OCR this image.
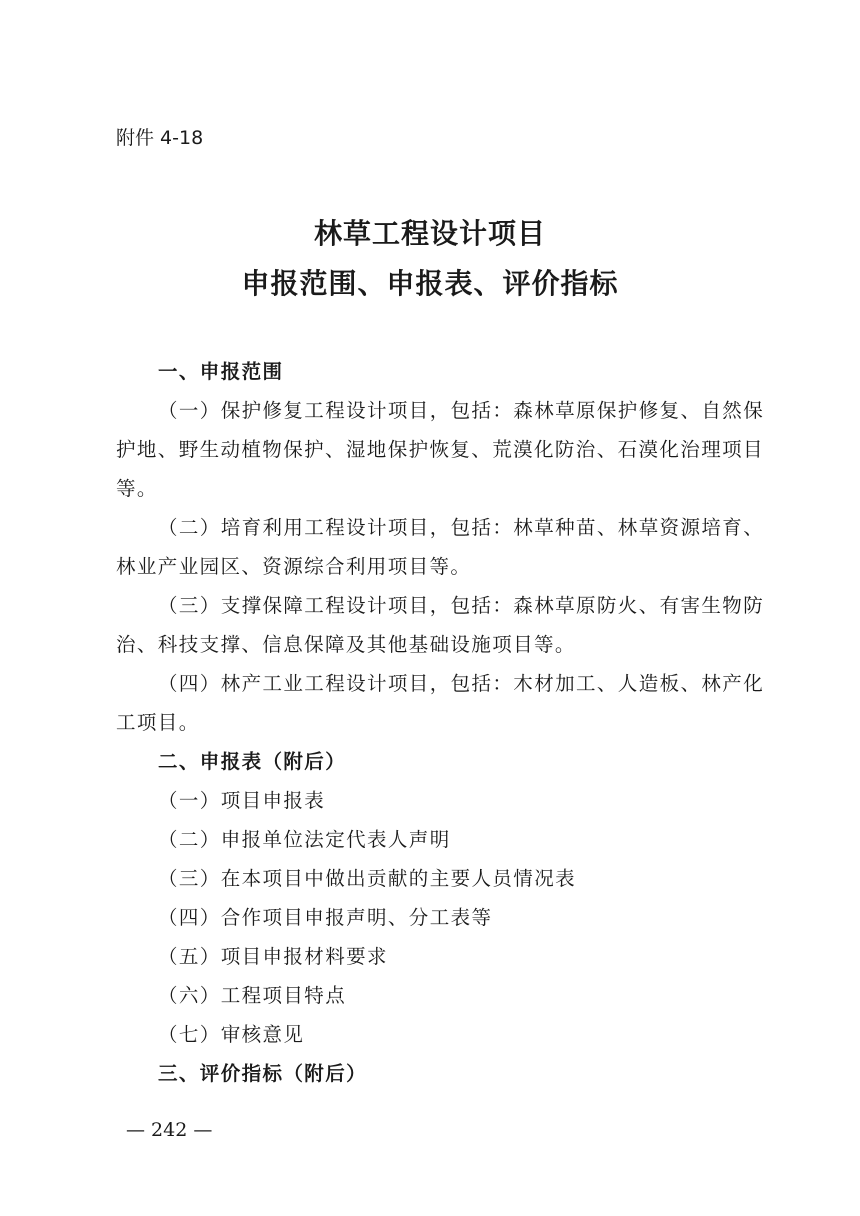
附件 4-18
林草工程设计项目
申报范围、申报表、评价指标
一、申报范围
（一）保护修复工程设计项目，包括：森林草原保护修复、自然保
护地、野生动植物保护、湿地保护恢复、荒漠化防治、石漠化治理项目
等。
（二）培育利用工程设计项目，包括：林草种苗、林草资源培育、
林业产业园区、资源综合利用项目等。
（三）支撑保障工程设计项目，包括：森林草原防火、有害生物防
治、科技支撑、信息保障及其他基础设施项目等。
（四）林产工业工程设计项目，包括：木材加工、人造板、林产化
工项目。
二、申报表（附后）
（一）项目申报表
（二）申报单位法定代表人声明
（三）在本项目中做出贡献的主要人员情况表
（四）合作项目申报声明、分工表等
（五）项目申报材料要求
（六）工程项目特点
（七）审核意见
三、评价指标（附后）
— 242 —
